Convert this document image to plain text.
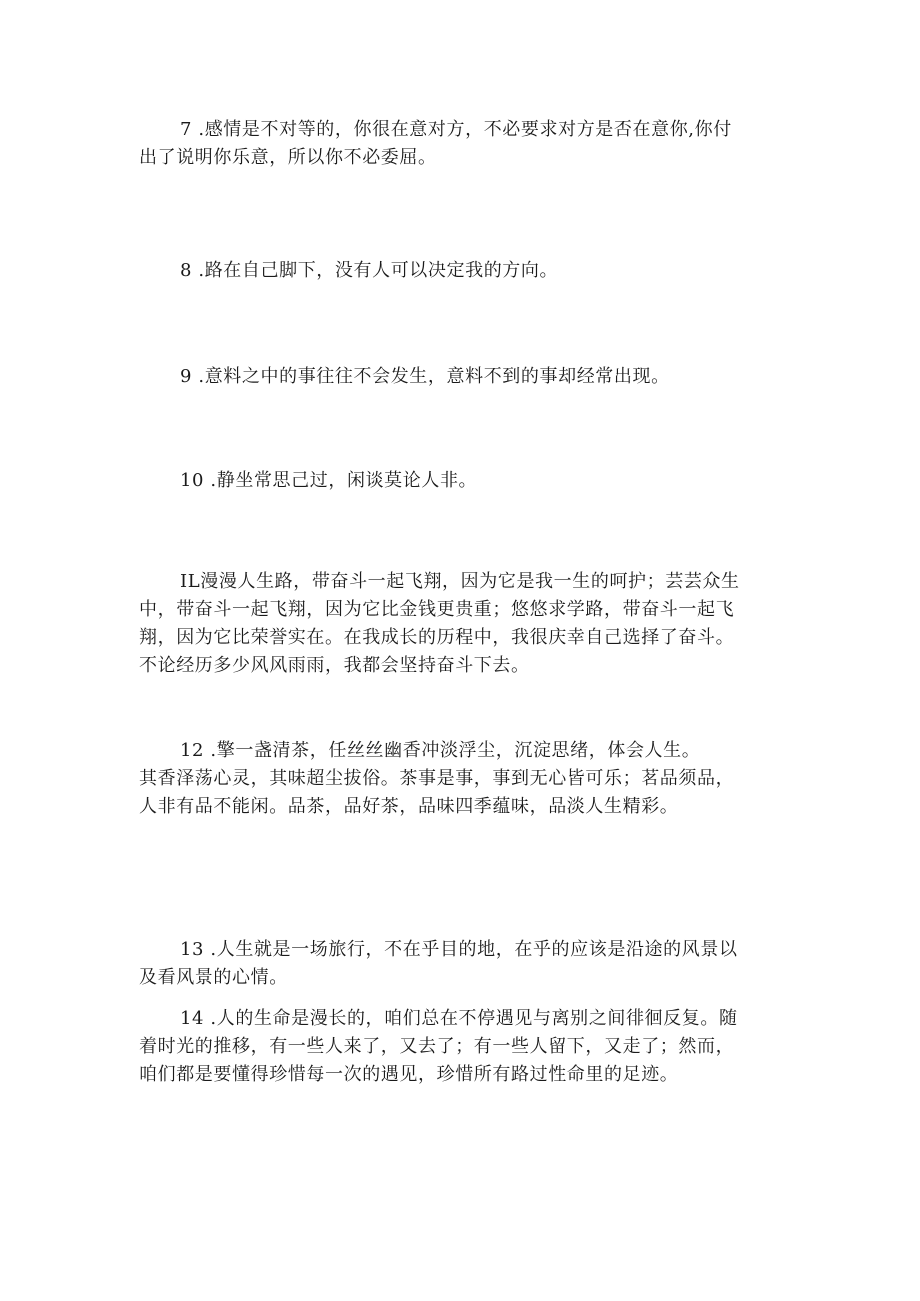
7 .感情是不对等的，你很在意对方，不必要求对方是否在意你,你付
出了说明你乐意，所以你不必委屈。

8 .路在自己脚下，没有人可以决定我的方向。

9 .意料之中的事往往不会发生，意料不到的事却经常出现。

10 .静坐常思己过，闲谈莫论人非。

IL漫漫人生路，带奋斗一起飞翔，因为它是我一生的呵护；芸芸众生
中，带奋斗一起飞翔，因为它比金钱更贵重；悠悠求学路，带奋斗一起飞
翔，因为它比荣誉实在。在我成长的历程中，我很庆幸自己选择了奋斗。
不论经历多少风风雨雨，我都会坚持奋斗下去。

12 .擎一盏清茶，任丝丝幽香冲淡浮尘，沉淀思绪，体会人生。
其香泽荡心灵，其味超尘拔俗。茶事是事，事到无心皆可乐；茗品须品，
人非有品不能闲。品茶，品好茶，品味四季蕴味，品淡人生精彩。

13 .人生就是一场旅行，不在乎目的地，在乎的应该是沿途的风景以
及看风景的心情。

14 .人的生命是漫长的，咱们总在不停遇见与离别之间徘徊反复。随
着时光的推移，有一些人来了，又去了；有一些人留下，又走了；然而，
咱们都是要懂得珍惜每一次的遇见，珍惜所有路过性命里的足迹。
